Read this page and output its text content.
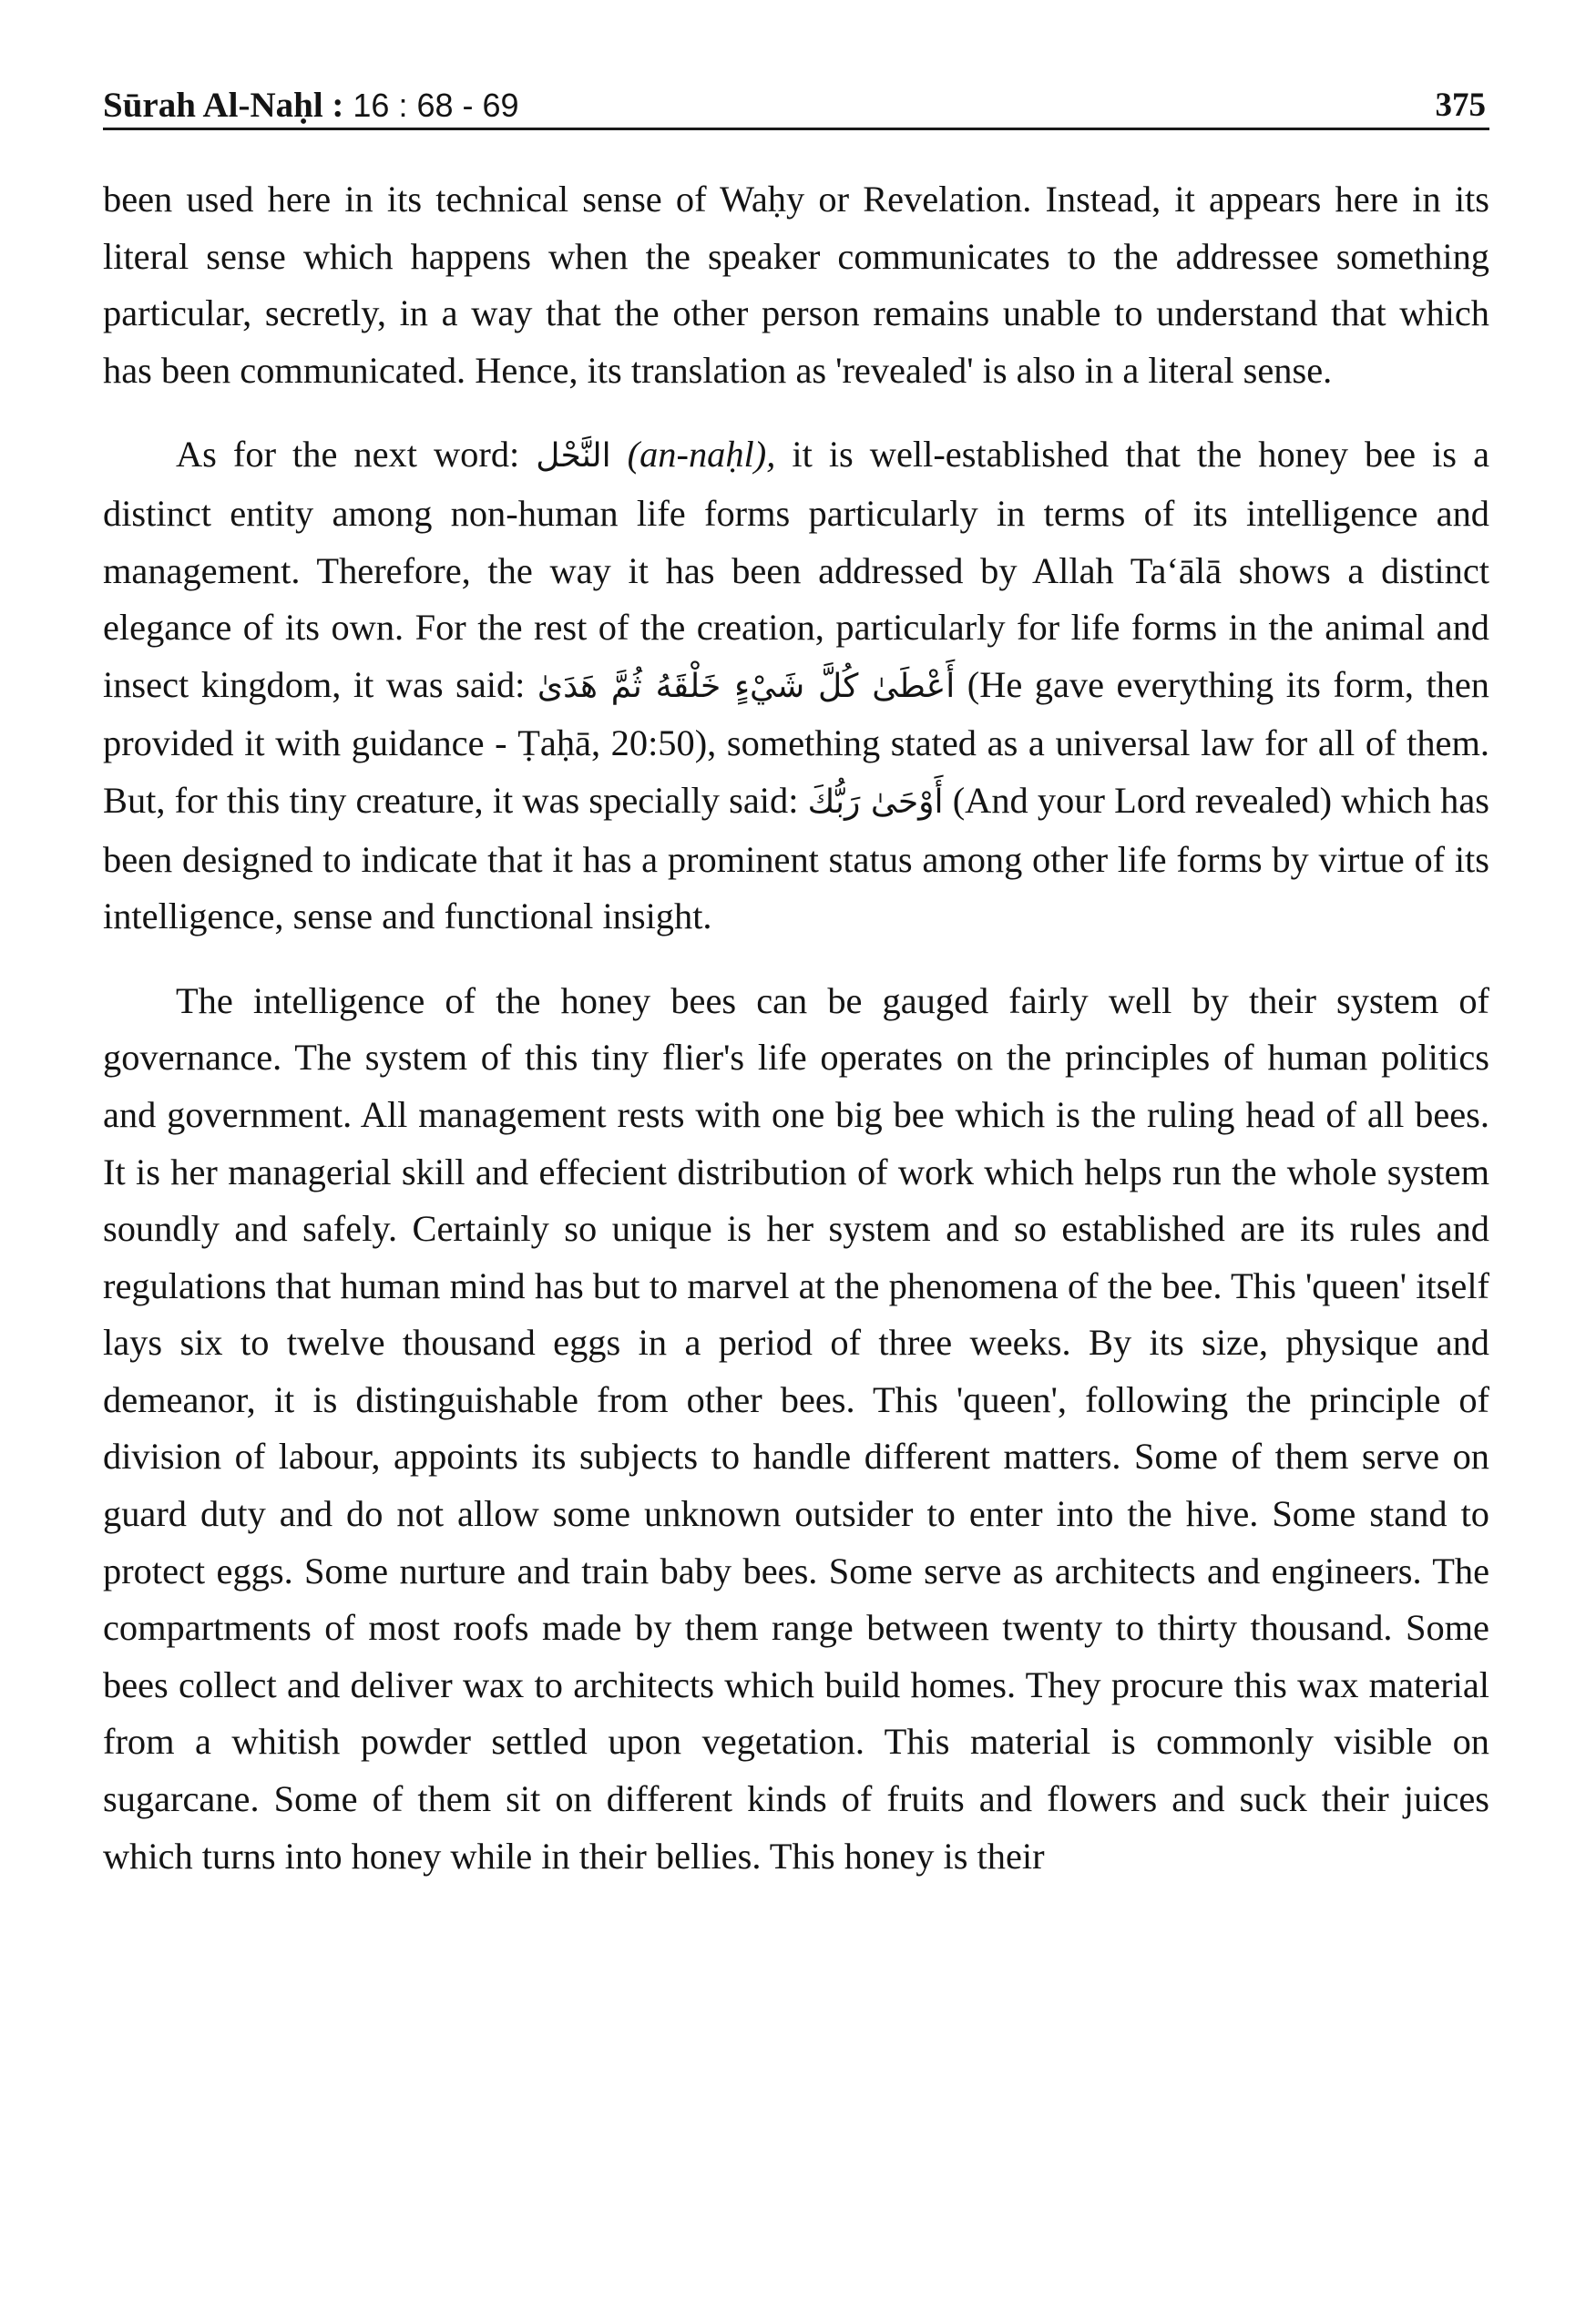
Sūrah Al-Naḥl : 16 : 68 - 69	375

been used here in its technical sense of Waḥy or Revelation. Instead, it appears here in its literal sense which happens when the speaker communicates to the addressee something particular, secretly, in a way that the other person remains unable to understand that which has been communicated. Hence, its translation as 'revealed' is also in a literal sense.

As for the next word: النَّحْل (an-naḥl), it is well-established that the honey bee is a distinct entity among non-human life forms particularly in terms of its intelligence and management. Therefore, the way it has been addressed by Allah Ta‘ālā shows a distinct elegance of its own. For the rest of the creation, particularly for life forms in the animal and insect kingdom, it was said: أَعْطَىٰ كُلَّ شَيْءٍ خَلْقَهُ ثُمَّ هَدَىٰ (He gave everything its form, then provided it with guidance - Ṭaḥā, 20:50), something stated as a universal law for all of them. But, for this tiny creature, it was specially said: أَوْحَىٰ رَبُّكَ (And your Lord revealed) which has been designed to indicate that it has a prominent status among other life forms by virtue of its intelligence, sense and functional insight.

The intelligence of the honey bees can be gauged fairly well by their system of governance. The system of this tiny flier's life operates on the principles of human politics and government. All management rests with one big bee which is the ruling head of all bees. It is her managerial skill and effecient distribution of work which helps run the whole system soundly and safely. Certainly so unique is her system and so established are its rules and regulations that human mind has but to marvel at the phenomena of the bee. This 'queen' itself lays six to twelve thousand eggs in a period of three weeks. By its size, physique and demeanor, it is distinguishable from other bees. This 'queen', following the principle of division of labour, appoints its subjects to handle different matters. Some of them serve on guard duty and do not allow some unknown outsider to enter into the hive. Some stand to protect eggs. Some nurture and train baby bees. Some serve as architects and engineers. The compartments of most roofs made by them range between twenty to thirty thousand. Some bees collect and deliver wax to architects which build homes. They procure this wax material from a whitish powder settled upon vegetation. This material is commonly visible on sugarcane. Some of them sit on different kinds of fruits and flowers and suck their juices which turns into honey while in their bellies. This honey is their
